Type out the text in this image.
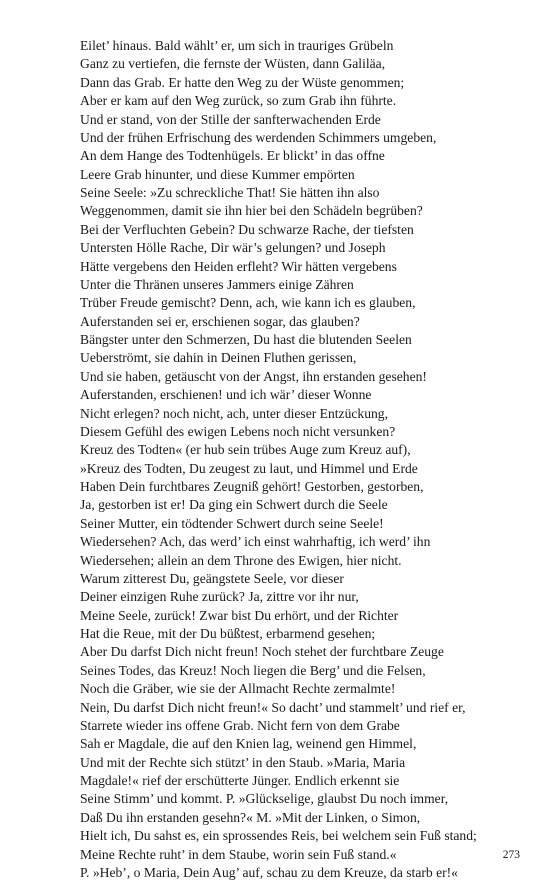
Eilet’ hinaus. Bald wählt’ er, um sich in trauriges Grübeln
Ganz zu vertiefen, die fernste der Wüsten, dann Galiläa,
Dann das Grab. Er hatte den Weg zu der Wüste genommen;
Aber er kam auf den Weg zurück, so zum Grab ihn führte.
Und er stand, von der Stille der sanfterwachenden Erde
Und der frühen Erfrischung des werdenden Schimmers umgeben,
An dem Hange des Todtenhügels. Er blickt’ in das offne
Leere Grab hinunter, und diese Kummer empörten
Seine Seele: »Zu schreckliche That! Sie hätten ihn also
Weggenommen, damit sie ihn hier bei den Schädeln begrüben?
Bei der Verfluchten Gebein? Du schwarze Rache, der tiefsten
Untersten Hölle Rache, Dir wär’s gelungen? und Joseph
Hätte vergebens den Heiden erfleht? Wir hätten vergebens
Unter die Thränen unseres Jammers einige Zähren
Trüber Freude gemischt? Denn, ach, wie kann ich es glauben,
Auferstanden sei er, erschienen sogar, das glauben?
Bängster unter den Schmerzen, Du hast die blutenden Seelen
Ueberströmt, sie dahin in Deinen Fluthen gerissen,
Und sie haben, getäuscht von der Angst, ihn erstanden gesehen!
Auferstanden, erschienen! und ich wär’ dieser Wonne
Nicht erlegen? noch nicht, ach, unter dieser Entzückung,
Diesem Gefühl des ewigen Lebens noch nicht versunken?
Kreuz des Todten« (er hub sein trübes Auge zum Kreuz auf),
»Kreuz des Todten, Du zeugest zu laut, und Himmel und Erde
Haben Dein furchtbares Zeugniß gehört! Gestorben, gestorben,
Ja, gestorben ist er! Da ging ein Schwert durch die Seele
Seiner Mutter, ein tödtender Schwert durch seine Seele!
Wiedersehen? Ach, das werd’ ich einst wahrhaftig, ich werd’ ihn
Wiedersehen; allein an dem Throne des Ewigen, hier nicht.
Warum zitterest Du, geängstete Seele, vor dieser
Deiner einzigen Ruhe zurück? Ja, zittre vor ihr nur,
Meine Seele, zurück! Zwar bist Du erhört, und der Richter
Hat die Reue, mit der Du büßtest, erbarmend gesehen;
Aber Du darfst Dich nicht freun! Noch stehet der furchtbare Zeuge
Seines Todes, das Kreuz! Noch liegen die Berg’ und die Felsen,
Noch die Gräber, wie sie der Allmacht Rechte zermalmte!
Nein, Du darfst Dich nicht freun!« So dacht’ und stammelt’ und rief er,
Starrete wieder ins offene Grab. Nicht fern von dem Grabe
Sah er Magdale, die auf den Knien lag, weinend gen Himmel,
Und mit der Rechte sich stützt’ in den Staub. »Maria, Maria
Magdale!« rief der erschütterte Jünger. Endlich erkennt sie
Seine Stimm’ und kommt. P. »Glückselige, glaubst Du noch immer,
Daß Du ihn erstanden gesehn?« M. »Mit der Linken, o Simon,
Hielt ich, Du sahst es, ein sprossendes Reis, bei welchem sein Fuß stand;
Meine Rechte ruht’ in dem Staube, worin sein Fuß stand.«
P. »Heb’, o Maria, Dein Aug’ auf, schau zu dem Kreuze, da starb er!«
273
